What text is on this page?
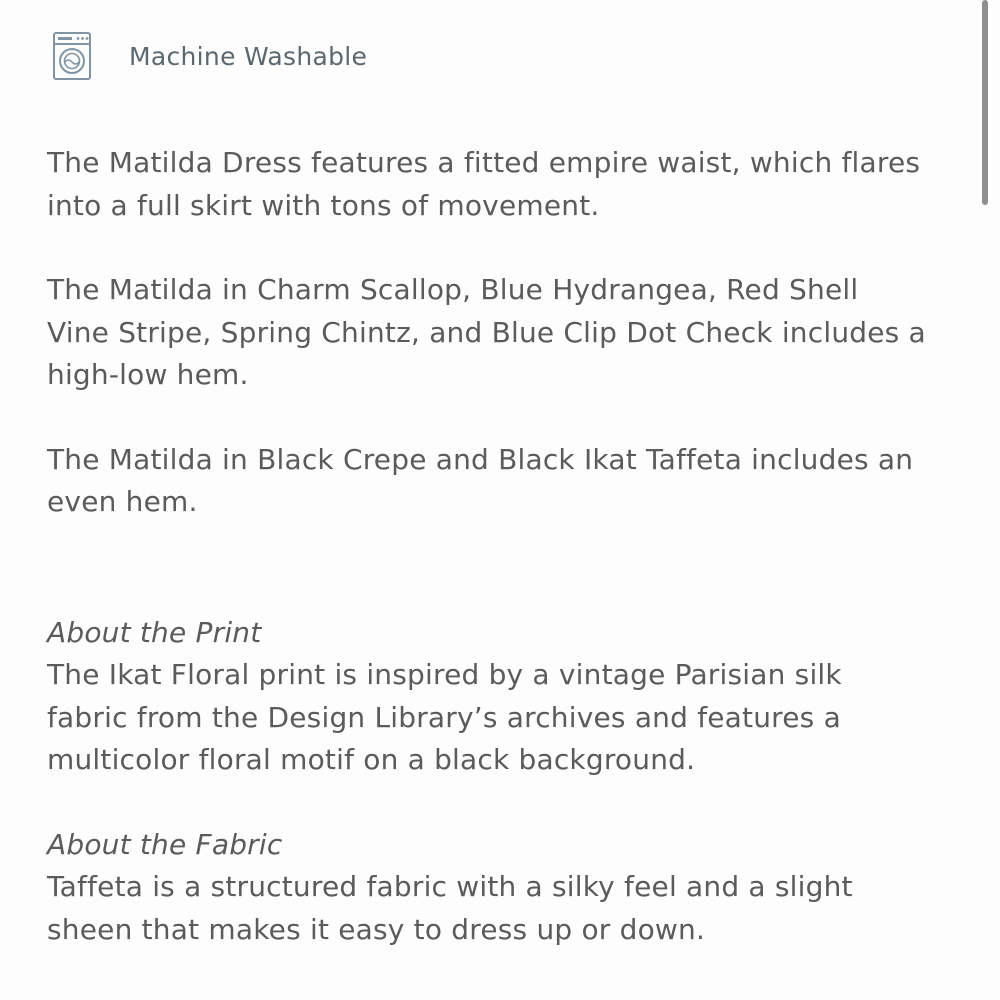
Machine Washable

The Matilda Dress features a fitted empire waist, which flares into a full skirt with tons of movement.

The Matilda in Charm Scallop, Blue Hydrangea, Red Shell Vine Stripe, Spring Chintz, and Blue Clip Dot Check includes a high-low hem.

The Matilda in Black Crepe and Black Ikat Taffeta includes an even hem.

About the Print

The Ikat Floral print is inspired by a vintage Parisian silk fabric from the Design Library’s archives and features a multicolor floral motif on a black background.

About the Fabric

Taffeta is a structured fabric with a silky feel and a slight sheen that makes it easy to dress up or down.
